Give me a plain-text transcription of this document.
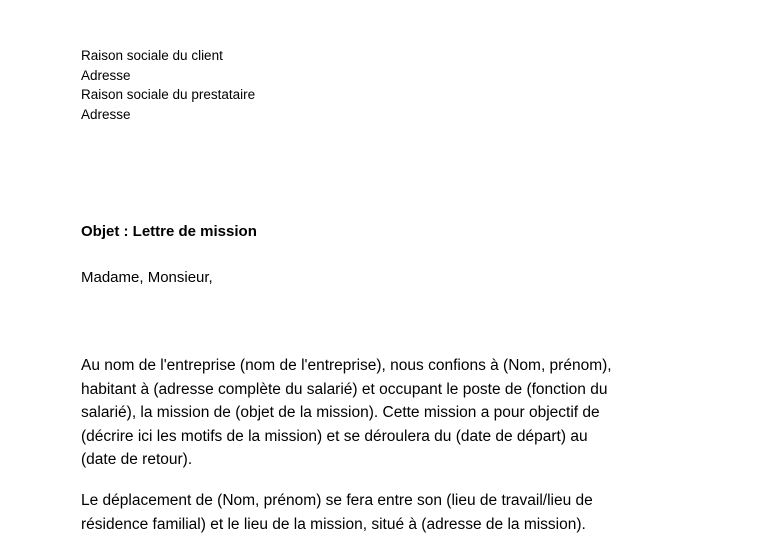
Raison sociale du client
Adresse
Raison sociale du prestataire
Adresse
Objet : Lettre de mission
Madame, Monsieur,
Au nom de l'entreprise (nom de l'entreprise), nous confions à (Nom, prénom),
habitant à (adresse complète du salarié) et occupant le poste de (fonction du
salarié), la mission de (objet de la mission). Cette mission a pour objectif de
(décrire ici les motifs de la mission) et se déroulera du (date de départ) au
(date de retour).
Le déplacement de (Nom, prénom) se fera entre son (lieu de travail/lieu de
résidence familial) et le lieu de la mission, situé à (adresse de la mission).
